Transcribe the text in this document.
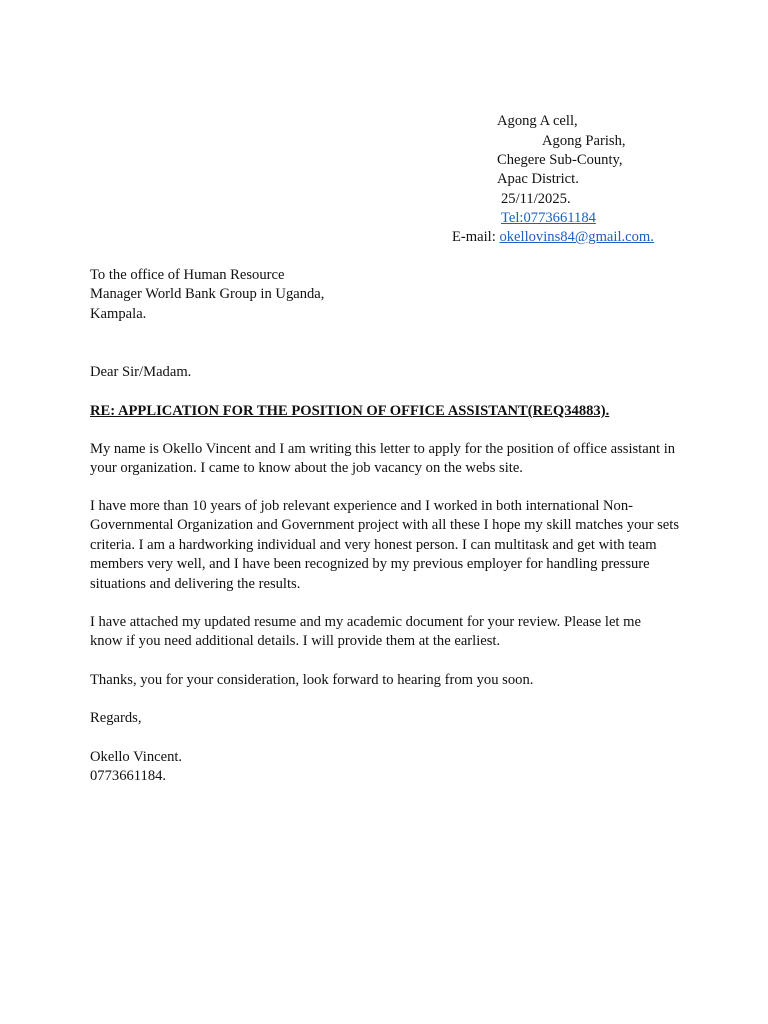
Agong A cell,
Agong Parish,
Chegere Sub-County,
Apac District.
25/11/2025.
Tel:0773661184
E-mail: okellovins84@gmail.com.

To the office of Human Resource

Manager World Bank Group in Uganda,

Kampala.

Dear Sir/Madam.

RE: APPLICATION FOR THE POSITION OF OFFICE ASSISTANT(REQ34883).

My name is Okello Vincent and I am writing this letter to apply for the position of office assistant in your organization. I came to know about the job vacancy on the webs site.

I have more than 10 years of job relevant experience and I worked in both international Non-Governmental Organization and Government project with all these I hope my skill matches your sets criteria. I am a hardworking individual and very honest person. I can multitask and get with team members very well, and I have been recognized by my previous employer for handling pressure situations and delivering the results.

I have attached my updated resume and my academic document for your review. Please let me know if you need additional details. I will provide them at the earliest.

Thanks, you for your consideration, look forward to hearing from you soon.

Regards,

Okello Vincent.

0773661184.
